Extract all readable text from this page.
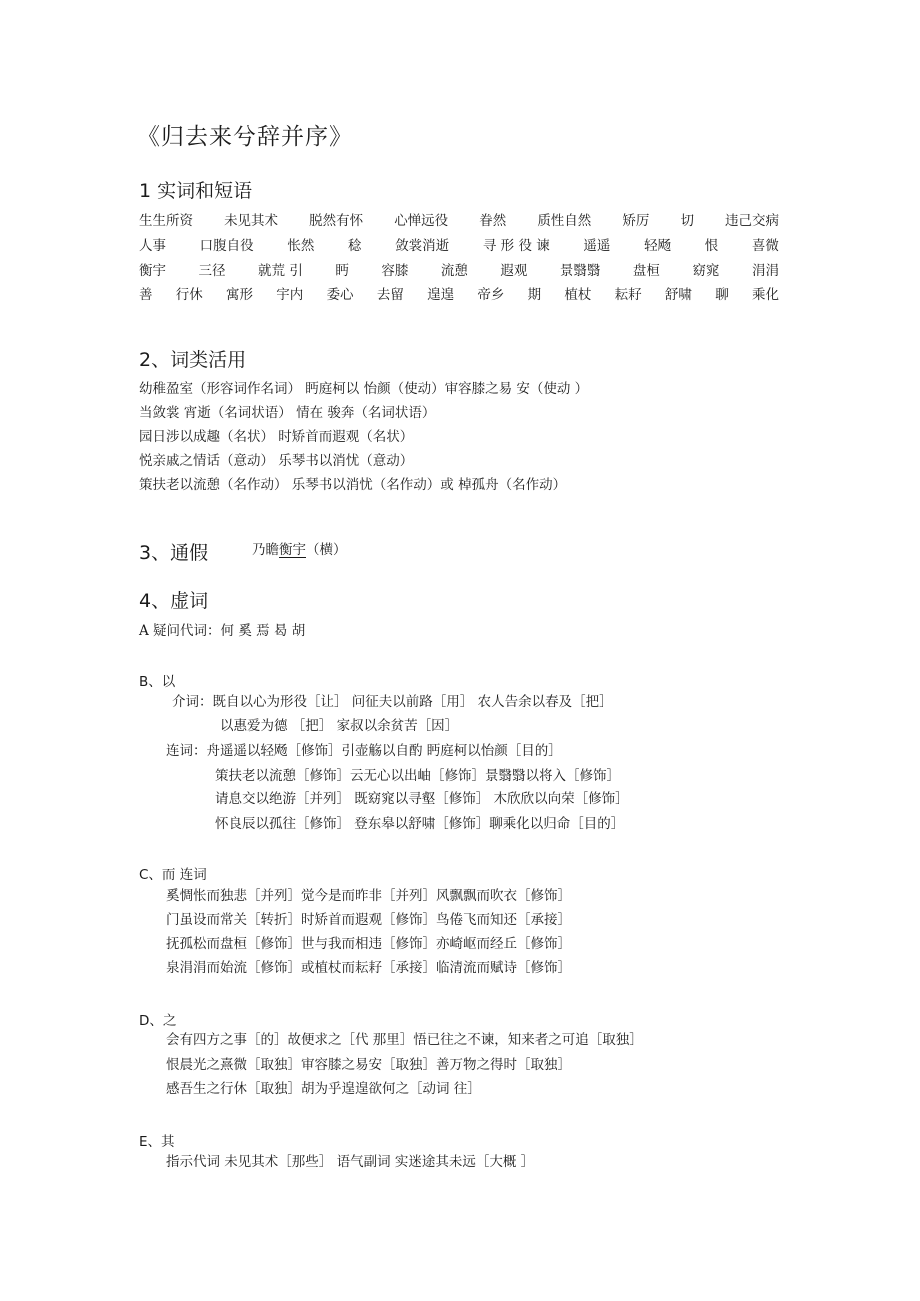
《归去来兮辞并序》
1 实词和短语
生生所资 未见其术 脱然有怀 心惮远役 眷然 质性自然 矫厉 切 违己交病
人事 口腹自役 怅然 稔 敛裳消逝 寻 形 役 谏 遥遥 轻飏 恨 喜微
衡宇 三径 就荒 引 眄 容膝 流憩 遐观 景翳翳 盘桓 窈窕 涓涓
善 行休 寓形 宇内 委心 去留 遑遑 帝乡 期 植杖 耘耔 舒啸 聊 乘化
2、词类活用
幼稚盈室（形容词作名词） 眄庭柯以 怡颜（使动）审容膝之易 安（使动 ）
当敛裳 宵逝（名词状语） 情在 骏奔（名词状语）
园日涉以成趣（名状） 时矫首而遐观（名状）
悦亲戚之情话（意动） 乐琴书以消忧（意动）
策扶老以流憩（名作动） 乐琴书以消忧（名作动）或 棹孤舟（名作动）
3、通假	乃瞻衡宇（横）
4、虚词
A 疑问代词：何 奚 焉 曷 胡
B、以
介词：既自以心为形役［让］ 问征夫以前路［用］ 农人告余以春及［把］
以惠爱为德 ［把］ 家叔以余贫苦［因］
连词：舟遥遥以轻飏［修饰］引壶觞以自酌 眄庭柯以怡颜［目的］
策扶老以流憩［修饰］云无心以出岫［修饰］景翳翳以将入［修饰］
请息交以绝游［并列］ 既窈窕以寻壑［修饰］ 木欣欣以向荣［修饰］
怀良辰以孤往［修饰］ 登东皋以舒啸［修饰］聊乘化以归命［目的］
C、而 连词
奚惆怅而独悲［并列］觉今是而昨非［并列］风飘飘而吹衣［修饰］
门虽设而常关［转折］时矫首而遐观［修饰］鸟倦飞而知还［承接］
抚孤松而盘桓［修饰］世与我而相违［修饰］亦崎岖而经丘［修饰］
泉涓涓而始流［修饰］或植杖而耘耔［承接］临清流而赋诗［修饰］
D、之
会有四方之事［的］故便求之［代 那里］悟已往之不谏，知来者之可追［取独］
恨晨光之熹微［取独］审容膝之易安［取独］善万物之得时［取独］
感吾生之行休［取独］胡为乎遑遑欲何之［动词 往］
E、其
指示代词 未见其术［那些］ 语气副词 实迷途其未远［大概 ］
